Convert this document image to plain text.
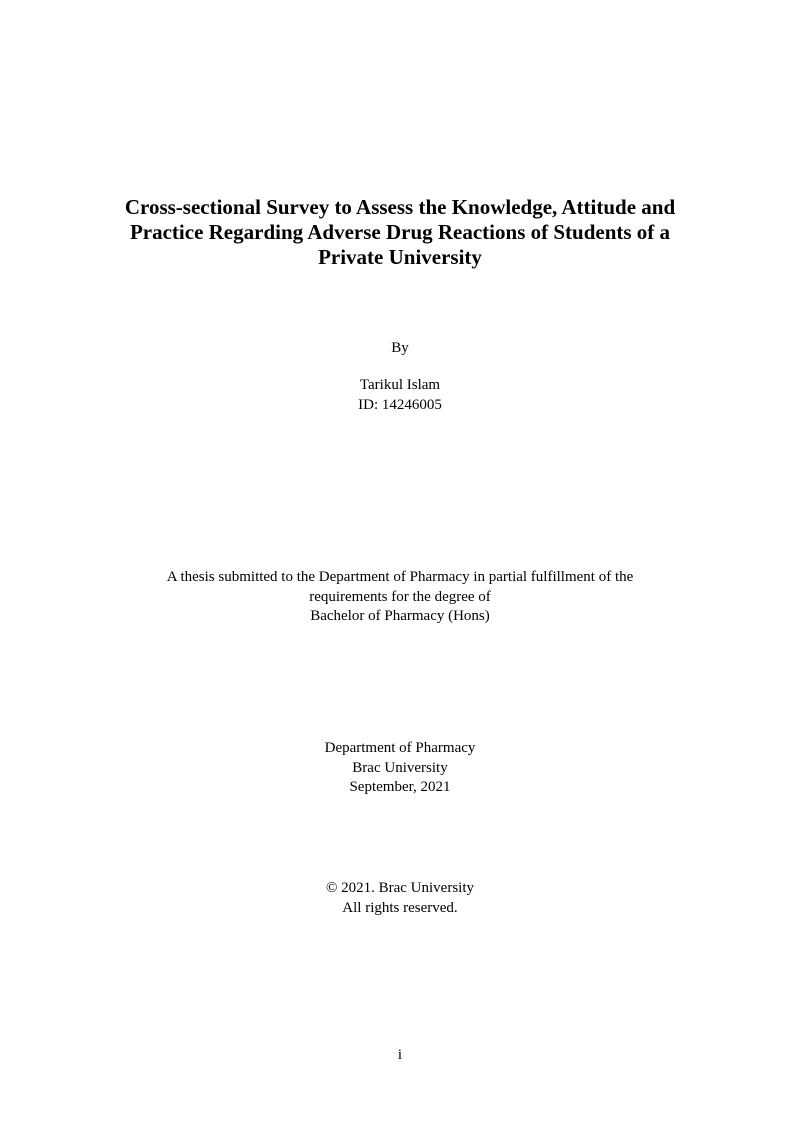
Cross-sectional Survey to Assess the Knowledge, Attitude and
Practice Regarding Adverse Drug Reactions of Students of a
Private University
By
Tarikul Islam
ID: 14246005
A thesis submitted to the Department of Pharmacy in partial fulfillment of the
requirements for the degree of
Bachelor of Pharmacy (Hons)
Department of Pharmacy
Brac University
September, 2021
© 2021. Brac University
All rights reserved.
i
